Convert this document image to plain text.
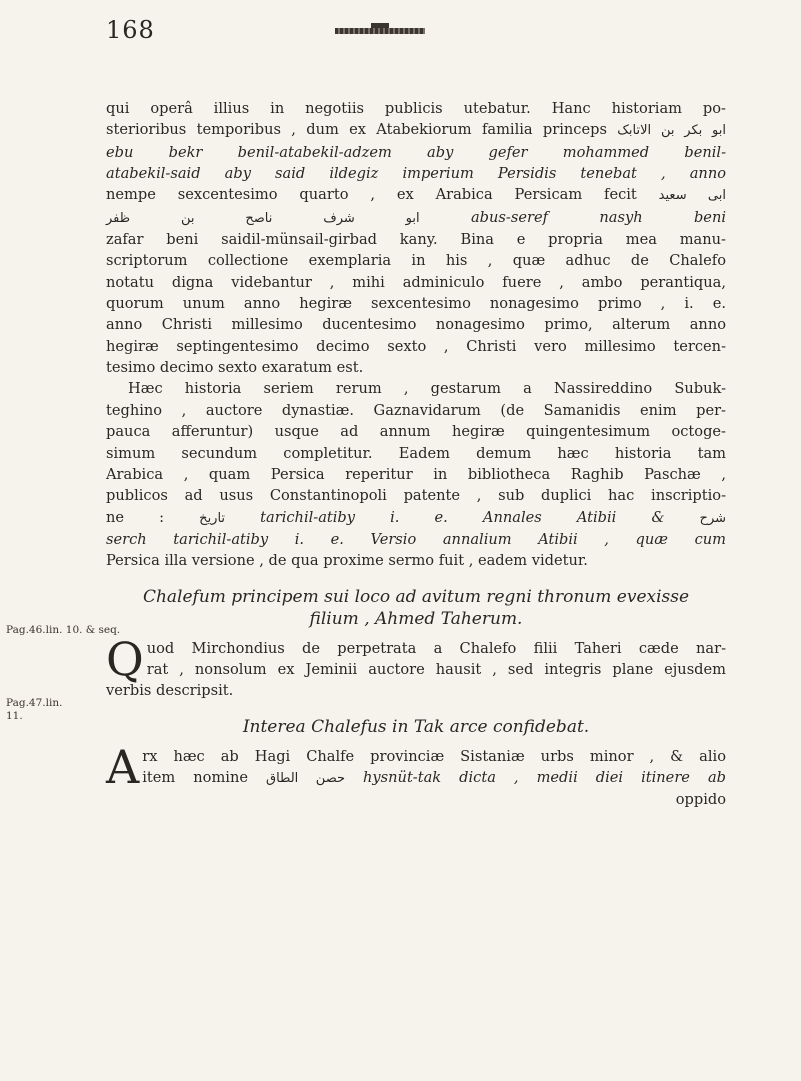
168
Pag.46.lin. 10. & seq.
Pag.47.lin. 11.
qui operâ illius in negotiis publicis utebatur. Hanc historiam po-
sterioribus temporibus , dum ex Atabekiorum familia princeps ابو بکر بن الاتابک
ebu bekr benil-atabekil-adzem aby gefer mohammed benil-
atabekil-said aby said ildegiz imperium Persidis tenebat , anno
nempe sexcentesimo quarto , ex Arabica Persicam fecit ابی سعید
ابو شرف ناصح بن ظفر	abus-seref nasyh beni
zafar beni saidil-münsail-girbad kany. Bina e propria mea manu-
scriptorum collectione exemplaria in his , quæ adhuc de Chalefo
notatu digna videbantur , mihi adminiculo fuere , ambo perantiqua,
quorum unum anno hegiræ sexcentesimo nonagesimo primo , i. e.
anno Christi millesimo ducentesimo nonagesimo primo, alterum anno
hegiræ septingentesimo decimo sexto , Christi vero millesimo tercen-
tesimo decimo sexto exaratum est.
Hæc historia seriem rerum , gestarum a Nassireddino Subuk-
teghino , auctore dynastiæ. Gaznavidarum (de Samanidis enim per-
pauca afferuntur) usque ad annum hegiræ quingentesimum octoge-
simum secundum completitur. Eadem demum hæc historia tam
Arabica , quam Persica reperitur in bibliotheca Raghib Paschæ ,
publicos ad usus Constantinopoli patente , sub duplici hac inscriptio-
ne :	تاریخ tarichil-atiby i. e. Annales Atibii &	شرح
serch tarichil-atiby i. e. Versio annalium Atibii , quæ cum
Persica illa versione , de qua proxime sermo fuit , eadem videtur.

Chalefum principem sui loco ad avitum regni thronum evexisse

filium , Ahmed Taherum.

Q uod Mirchondius de perpetrata a Chalefo filii Taheri cæde nar-
rat , nonsolum ex Jeminii auctore hausit , sed integris plane ejusdem
verbis descripsit.

Interea Chalefus in Tak arce confidebat.

A rx hæc ab Hagi Chalfe provinciæ Sistaniæ urbs minor , & alio
item nomine حصن الطاق hysnüt-tak dicta , medii diei itinere ab
oppido
